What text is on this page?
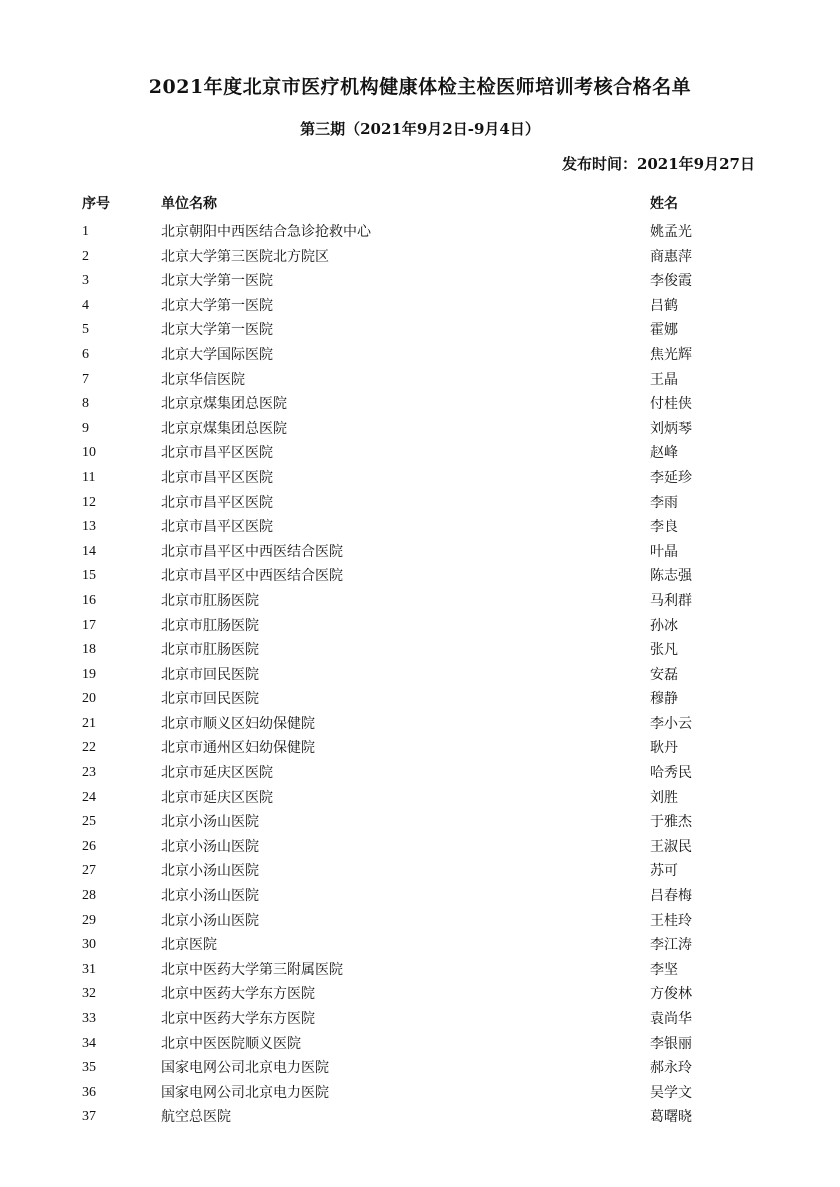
2021年度北京市医疗机构健康体检主检医师培训考核合格名单
第三期（2021年9月2日-9月4日）
发布时间：2021年9月27日
序号	单位名称	姓名
1	北京朝阳中西医结合急诊抢救中心	姚孟光
2	北京大学第三医院北方院区	商惠萍
3	北京大学第一医院	李俊霞
4	北京大学第一医院	吕鹤
5	北京大学第一医院	霍娜
6	北京大学国际医院	焦光辉
7	北京华信医院	王晶
8	北京京煤集团总医院	付桂侠
9	北京京煤集团总医院	刘炳琴
10	北京市昌平区医院	赵峰
11	北京市昌平区医院	李延珍
12	北京市昌平区医院	李雨
13	北京市昌平区医院	李良
14	北京市昌平区中西医结合医院	叶晶
15	北京市昌平区中西医结合医院	陈志强
16	北京市肛肠医院	马利群
17	北京市肛肠医院	孙冰
18	北京市肛肠医院	张凡
19	北京市回民医院	安磊
20	北京市回民医院	穆静
21	北京市顺义区妇幼保健院	李小云
22	北京市通州区妇幼保健院	耿丹
23	北京市延庆区医院	哈秀民
24	北京市延庆区医院	刘胜
25	北京小汤山医院	于雅杰
26	北京小汤山医院	王淑民
27	北京小汤山医院	苏可
28	北京小汤山医院	吕春梅
29	北京小汤山医院	王桂玲
30	北京医院	李江涛
31	北京中医药大学第三附属医院	李坚
32	北京中医药大学东方医院	方俊林
33	北京中医药大学东方医院	袁尚华
34	北京中医医院顺义医院	李银丽
35	国家电网公司北京电力医院	郝永玲
36	国家电网公司北京电力医院	吴学文
37	航空总医院	葛曙晓
